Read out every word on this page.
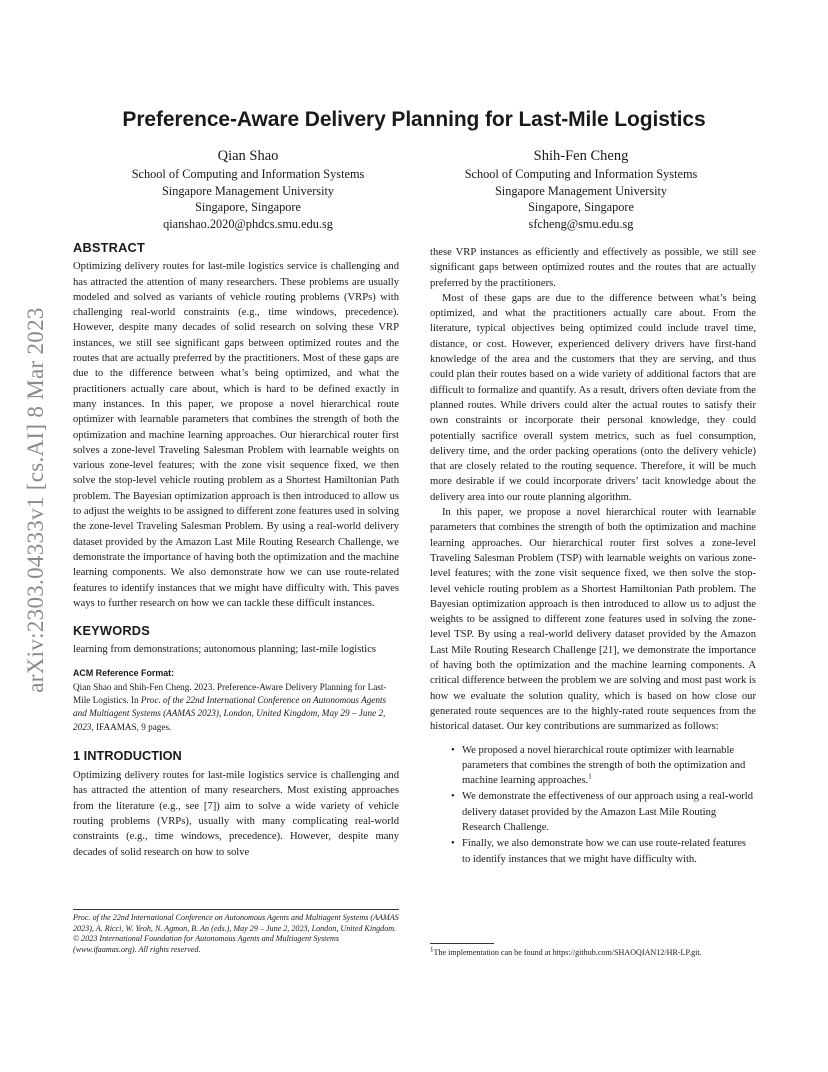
Preference-Aware Delivery Planning for Last-Mile Logistics
Qian Shao
School of Computing and Information Systems
Singapore Management University
Singapore, Singapore
qianshao.2020@phdcs.smu.edu.sg
Shih-Fen Cheng
School of Computing and Information Systems
Singapore Management University
Singapore, Singapore
sfcheng@smu.edu.sg
arXiv:2303.04333v1 [cs.AI] 8 Mar 2023
ABSTRACT

Optimizing delivery routes for last-mile logistics service is challenging and has attracted the attention of many researchers. These problems are usually modeled and solved as variants of vehicle routing problems (VRPs) with challenging real-world constraints (e.g., time windows, precedence). However, despite many decades of solid research on solving these VRP instances, we still see significant gaps between optimized routes and the routes that are actually preferred by the practitioners. Most of these gaps are due to the difference between what’s being optimized, and what the practitioners actually care about, which is hard to be defined exactly in many instances. In this paper, we propose a novel hierarchical route optimizer with learnable parameters that combines the strength of both the optimization and machine learning approaches. Our hierarchical router first solves a zone-level Traveling Salesman Problem with learnable weights on various zone-level features; with the zone visit sequence fixed, we then solve the stop-level vehicle routing problem as a Shortest Hamiltonian Path problem. The Bayesian optimization approach is then introduced to allow us to adjust the weights to be assigned to different zone features used in solving the zone-level Traveling Salesman Problem. By using a real-world delivery dataset provided by the Amazon Last Mile Routing Research Challenge, we demonstrate the importance of having both the optimization and the machine learning components. We also demonstrate how we can use route-related features to identify instances that we might have difficulty with. This paves ways to further research on how we can tackle these difficult instances.

KEYWORDS

learning from demonstrations; autonomous planning; last-mile logistics

ACM Reference Format:
Qian Shao and Shih-Fen Cheng. 2023. Preference-Aware Delivery Planning for Last-Mile Logistics. In Proc. of the 22nd International Conference on Autonomous Agents and Multiagent Systems (AAMAS 2023), London, United Kingdom, May 29 – June 2, 2023, IFAAMAS, 9 pages.
1 INTRODUCTION

Optimizing delivery routes for last-mile logistics service is challenging and has attracted the attention of many researchers. Most existing approaches from the literature (e.g., see [7]) aim to solve a wide variety of vehicle routing problems (VRPs), usually with many complicating real-world constraints (e.g., time windows, precedence). However, despite many decades of solid research on how to solve

Proc. of the 22nd International Conference on Autonomous Agents and Multiagent Systems (AAMAS 2023), A. Ricci, W. Yeoh, N. Agmon, B. An (eds.), May 29 – June 2, 2023, London, United Kingdom. © 2023 International Foundation for Autonomous Agents and Multiagent Systems (www.ifaamas.org). All rights reserved.

these VRP instances as efficiently and effectively as possible, we still see significant gaps between optimized routes and the routes that are actually preferred by the practitioners.

Most of these gaps are due to the difference between what’s being optimized, and what the practitioners actually care about. From the literature, typical objectives being optimized could include travel time, distance, or cost. However, experienced delivery drivers have first-hand knowledge of the area and the customers that they are serving, and thus could plan their routes based on a wide variety of additional factors that are difficult to formalize and quantify. As a result, drivers often deviate from the planned routes. While drivers could alter the actual routes to satisfy their own constraints or incorporate their personal knowledge, they could potentially sacrifice overall system metrics, such as fuel consumption, delivery time, and the order packing operations (onto the delivery vehicle) that are closely related to the routing sequence. Therefore, it will be much more desirable if we could incorporate drivers’ tacit knowledge about the delivery area into our route planning algorithm.

In this paper, we propose a novel hierarchical router with learnable parameters that combines the strength of both the optimization and machine learning approaches. Our hierarchical router first solves a zone-level Traveling Salesman Problem (TSP) with learnable weights on various zone-level features; with the zone visit sequence fixed, we then solve the stop-level vehicle routing problem as a Shortest Hamiltonian Path problem. The Bayesian optimization approach is then introduced to allow us to adjust the weights to be assigned to different zone features used in solving the zone-level TSP. By using a real-world delivery dataset provided by the Amazon Last Mile Routing Research Challenge [21], we demonstrate the importance of having both the optimization and the machine learning components. A critical difference between the problem we are solving and most past work is how we evaluate the solution quality, which is based on how close our generated route sequences are to the highly-rated route sequences from the historical dataset. Our key contributions are summarized as follows:

• We proposed a novel hierarchical route optimizer with learnable parameters that combines the strength of both the optimization and machine learning approaches.$^1$
• We demonstrate the effectiveness of our approach using a real-world delivery dataset provided by the Amazon Last Mile Routing Research Challenge.
• Finally, we also demonstrate how we can use route-related features to identify instances that we might have difficulty with.
$^1$The implementation can be found at https://github.com/SHAOQIAN12/HR-LP.git.
